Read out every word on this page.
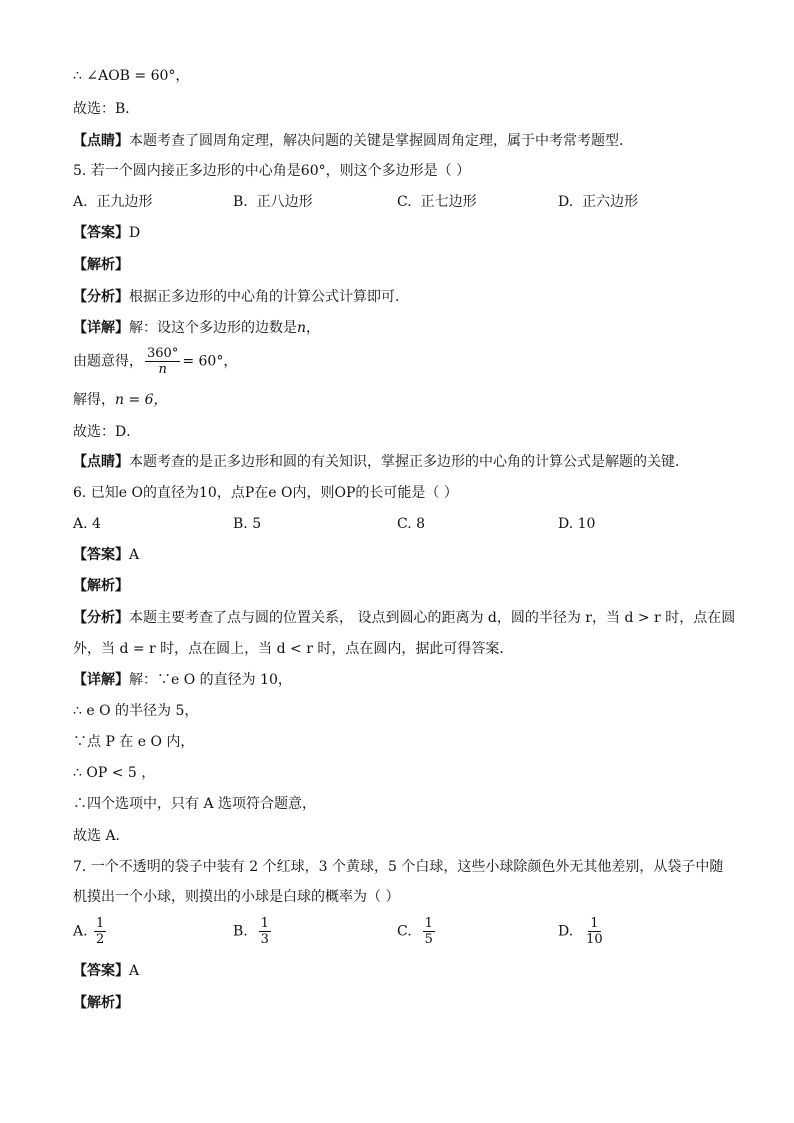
∴ ∠AOB = 60°，
故选：B．
【点睛】本题考查了圆周角定理，解决问题的关键是掌握圆周角定理，属于中考常考题型．
5. 若一个圆内接正多边形的中心角是60°，则这个多边形是（ ）
A. 正九边形	B. 正八边形	C. 正七边形	D. 正六边形
【答案】D
【解析】
【分析】根据正多边形的中心角的计算公式计算即可．
【详解】解：设这个多边形的边数是n，
由题意得， $\frac{360^\circ}{n} = 60^\circ$，
解得，n = 6，
故选：D．
【点睛】本题考查的是正多边形和圆的有关知识，掌握正多边形的中心角的计算公式是解题的关键．
6. 已知e O的直径为10，点P在e O内，则OP的长可能是（ ）
A. 4	B. 5	C. 8	D. 10
【答案】A
【解析】
【分析】本题主要考查了点与圆的位置关系， 设点到圆心的距离为 d，圆的半径为 r，当 d > r 时，点在圆
外，当 d = r 时，点在圆上，当 d < r 时，点在圆内，据此可得答案．
【详解】解：∵e O 的直径为 10，
∴ e O 的半径为 5，
∵点 P 在 e O 内，
∴ OP < 5 ，
∴四个选项中，只有 A 选项符合题意，
故选 A．
7. 一个不透明的袋子中装有 2 个红球，3 个黄球，5 个白球，这些小球除颜色外无其他差别，从袋子中随
机摸出一个小球，则摸出的小球是白球的概率为（ ）
A. $\frac{1}{2}$	B. $\frac{1}{3}$	C. $\frac{1}{5}$	D. $\frac{1}{10}$
【答案】A
【解析】
